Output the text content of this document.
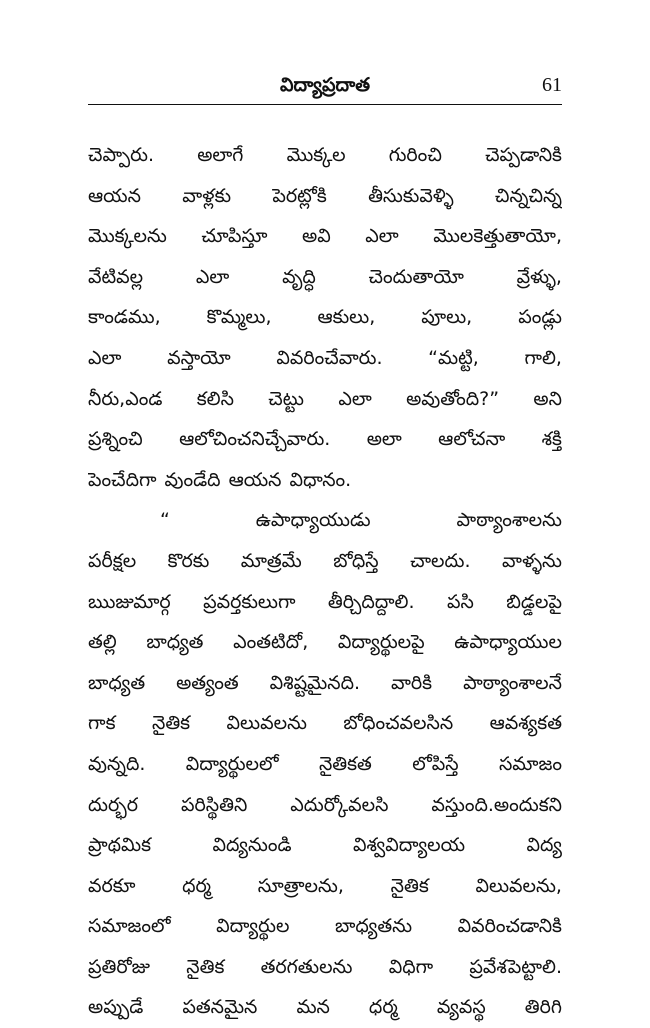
విద్యాప్రదాత	61
చెప్పారు. అలాగే మొక్కల గురించి చెప్పడానికి
ఆయన వాళ్లకు పెరట్లోకి తీసుకువెళ్ళి చిన్నచిన్న
మొక్కలను చూపిస్తూ అవి ఎలా మొలకెత్తుతాయో,
వేటివల్ల	ఎలా	వృద్ధి	చెందుతాయో	వ్రేళ్ళు,
కాండము, కొమ్మలు, ఆకులు, పూలు, పండ్లు
ఎలా వస్తాయో వివరించేవారు. “మట్టి, గాలి,
నీరు,ఎండ కలిసి చెట్టు ఎలా అవుతోంది?” అని
ప్రశ్నించి ఆలోచించనిచ్చేవారు. అలా ఆలోచనా శక్తి
పెంచేదిగా వుండేది ఆయన విధానం.
“	ఉపాధ్యాయుడు	పాఠ్యాంశాలను
పరీక్షల కొరకు మాత్రమే బోధిస్తే చాలదు. వాళ్ళను
ఋజుమార్గ ప్రవర్తకులుగా తీర్చిదిద్దాలి. పసి బిడ్డలపై
తల్లి బాధ్యత ఎంతటిదో, విద్యార్థులపై ఉపాధ్యాయుల
బాధ్యత అత్యంత విశిష్టమైనది. వారికి పాఠ్యాంశాలనే
గాక నైతిక విలువలను బోధించవలసిన ఆవశ్యకత
వున్నది. విద్యార్థులలో నైతికత లోపిస్తే సమాజం
దుర్భర పరిస్థితిని ఎదుర్కోవలసి వస్తుంది.అందుకని
ప్రాథమిక	విద్యనుండి	విశ్వవిద్యాలయ	విద్య
వరకూ ధర్మ సూత్రాలను, నైతిక విలువలను,
సమాజంలో విద్యార్థుల బాధ్యతను వివరించడానికి
ప్రతిరోజు నైతిక తరగతులను విధిగా ప్రవేశపెట్టాలి.
అప్పుడే పతనమైన మన ధర్మ వ్యవస్థ తిరిగి
